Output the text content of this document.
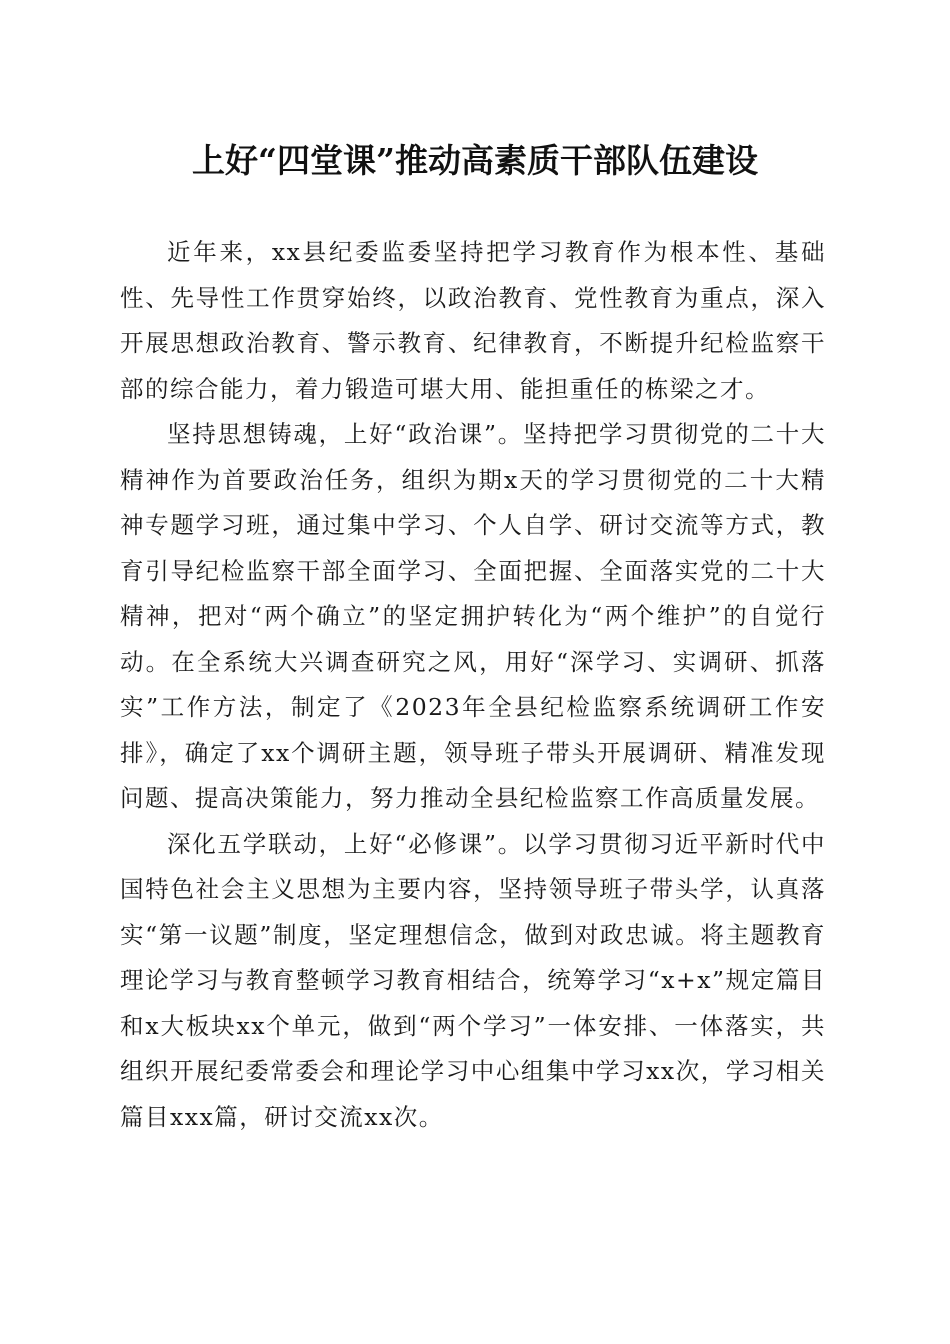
上好“四堂课”推动高素质干部队伍建设

近年来，xx县纪委监委坚持把学习教育作为根本性、基础性、先导性工作贯穿始终，以政治教育、党性教育为重点，深入开展思想政治教育、警示教育、纪律教育，不断提升纪检监察干部的综合能力，着力锻造可堪大用、能担重任的栋梁之才。

坚持思想铸魂，上好“政治课”。坚持把学习贯彻党的二十大精神作为首要政治任务，组织为期x天的学习贯彻党的二十大精神专题学习班，通过集中学习、个人自学、研讨交流等方式，教育引导纪检监察干部全面学习、全面把握、全面落实党的二十大精神，把对“两个确立”的坚定拥护转化为“两个维护”的自觉行动。在全系统大兴调查研究之风，用好“深学习、实调研、抓落实”工作方法，制定了《2023年全县纪检监察系统调研工作安排》，确定了xx个调研主题，领导班子带头开展调研、精准发现问题、提高决策能力，努力推动全县纪检监察工作高质量发展。

深化五学联动，上好“必修课”。以学习贯彻习近平新时代中国特色社会主义思想为主要内容，坚持领导班子带头学，认真落实“第一议题”制度，坚定理想信念，做到对政忠诚。将主题教育理论学习与教育整顿学习教育相结合，统筹学习“x+x”规定篇目和x大板块xx个单元，做到“两个学习”一体安排、一体落实，共组织开展纪委常委会和理论学习中心组集中学习xx次，学习相关篇目xxx篇，研讨交流xx次。
